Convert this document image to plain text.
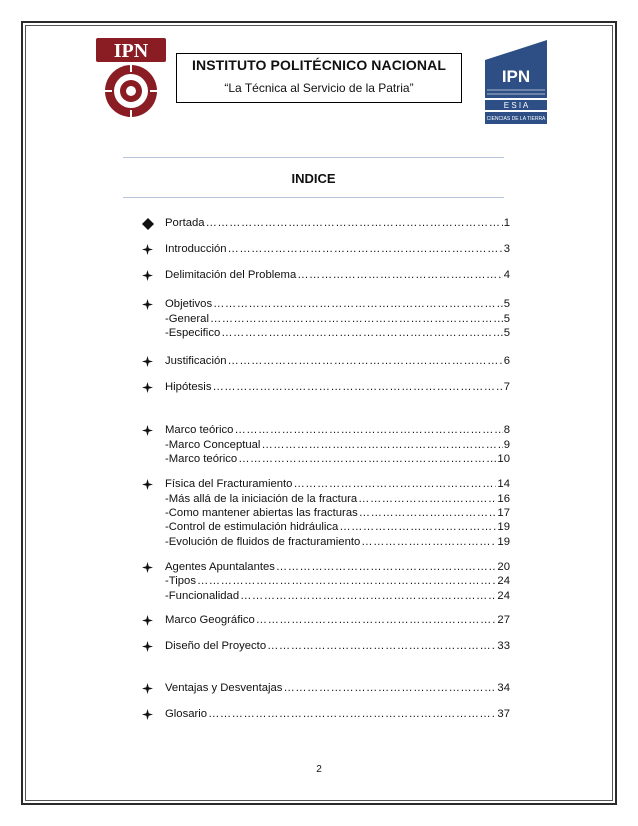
IPN
IPN
E S I A
CIENCIAS DE LA TIERRA
INSTITUTO POLITÉCNICO NACIONAL
“La Técnica al Servicio de la Patria”
INDICE
Portada ……………………………………………………………………………………………………………………………………	1
Introducción ……………………………………………………………………………………………………………………………………	3
Delimitación del Problema ……………………………………………………………………………………………………………………………………	4
Objetivos ……………………………………………………………………………………………………………………………………	5
-General ……………………………………………………………………………………………………………………………………	5
-Especifico ……………………………………………………………………………………………………………………………………	5
Justificación ……………………………………………………………………………………………………………………………………	6
Hipótesis ……………………………………………………………………………………………………………………………………	7
Marco teórico ……………………………………………………………………………………………………………………………………	8
-Marco Conceptual ……………………………………………………………………………………………………………………………………	9
-Marco teórico ……………………………………………………………………………………………………………………………………	10
Física del Fracturamiento ……………………………………………………………………………………………………………………………………	14
-Más allá de la iniciación de la fractura ……………………………………………………………………………………………………………………………………	16
-Como mantener abiertas las fracturas ……………………………………………………………………………………………………………………………………	17
-Control de estimulación hidráulica ……………………………………………………………………………………………………………………………………	19
-Evolución de fluidos de fracturamiento ……………………………………………………………………………………………………………………………………	19
Agentes Apuntalantes ……………………………………………………………………………………………………………………………………	20
-Tipos ……………………………………………………………………………………………………………………………………	24
-Funcionalidad ……………………………………………………………………………………………………………………………………	24
Marco Geográfico ……………………………………………………………………………………………………………………………………	27
Diseño del Proyecto ……………………………………………………………………………………………………………………………………	33
Ventajas y Desventajas ……………………………………………………………………………………………………………………………………	34
Glosario ……………………………………………………………………………………………………………………………………	37
2
